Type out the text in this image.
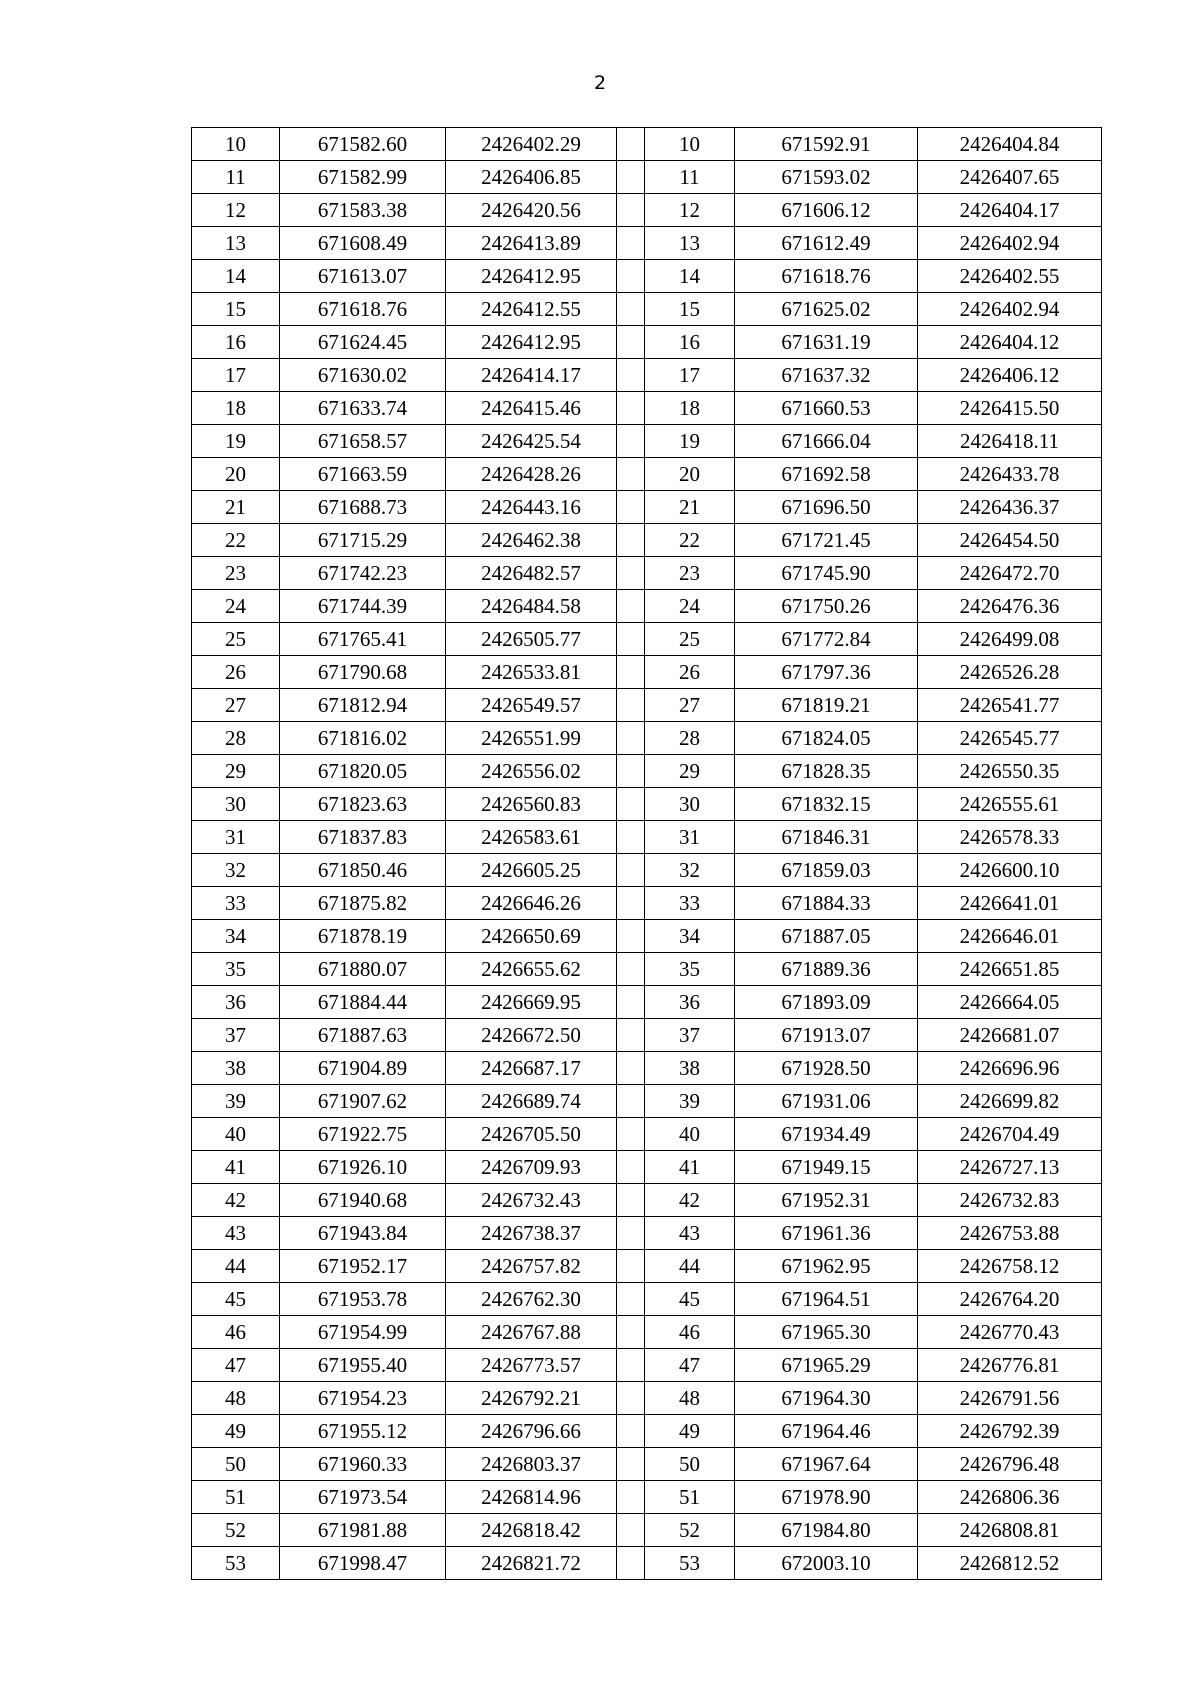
2
10	671582.60	2426402.29		10	671592.91	2426404.84
11	671582.99	2426406.85		11	671593.02	2426407.65
12	671583.38	2426420.56		12	671606.12	2426404.17
13	671608.49	2426413.89		13	671612.49	2426402.94
14	671613.07	2426412.95		14	671618.76	2426402.55
15	671618.76	2426412.55		15	671625.02	2426402.94
16	671624.45	2426412.95		16	671631.19	2426404.12
17	671630.02	2426414.17		17	671637.32	2426406.12
18	671633.74	2426415.46		18	671660.53	2426415.50
19	671658.57	2426425.54		19	671666.04	2426418.11
20	671663.59	2426428.26		20	671692.58	2426433.78
21	671688.73	2426443.16		21	671696.50	2426436.37
22	671715.29	2426462.38		22	671721.45	2426454.50
23	671742.23	2426482.57		23	671745.90	2426472.70
24	671744.39	2426484.58		24	671750.26	2426476.36
25	671765.41	2426505.77		25	671772.84	2426499.08
26	671790.68	2426533.81		26	671797.36	2426526.28
27	671812.94	2426549.57		27	671819.21	2426541.77
28	671816.02	2426551.99		28	671824.05	2426545.77
29	671820.05	2426556.02		29	671828.35	2426550.35
30	671823.63	2426560.83		30	671832.15	2426555.61
31	671837.83	2426583.61		31	671846.31	2426578.33
32	671850.46	2426605.25		32	671859.03	2426600.10
33	671875.82	2426646.26		33	671884.33	2426641.01
34	671878.19	2426650.69		34	671887.05	2426646.01
35	671880.07	2426655.62		35	671889.36	2426651.85
36	671884.44	2426669.95		36	671893.09	2426664.05
37	671887.63	2426672.50		37	671913.07	2426681.07
38	671904.89	2426687.17		38	671928.50	2426696.96
39	671907.62	2426689.74		39	671931.06	2426699.82
40	671922.75	2426705.50		40	671934.49	2426704.49
41	671926.10	2426709.93		41	671949.15	2426727.13
42	671940.68	2426732.43		42	671952.31	2426732.83
43	671943.84	2426738.37		43	671961.36	2426753.88
44	671952.17	2426757.82		44	671962.95	2426758.12
45	671953.78	2426762.30		45	671964.51	2426764.20
46	671954.99	2426767.88		46	671965.30	2426770.43
47	671955.40	2426773.57		47	671965.29	2426776.81
48	671954.23	2426792.21		48	671964.30	2426791.56
49	671955.12	2426796.66		49	671964.46	2426792.39
50	671960.33	2426803.37		50	671967.64	2426796.48
51	671973.54	2426814.96		51	671978.90	2426806.36
52	671981.88	2426818.42		52	671984.80	2426808.81
53	671998.47	2426821.72		53	672003.10	2426812.52
